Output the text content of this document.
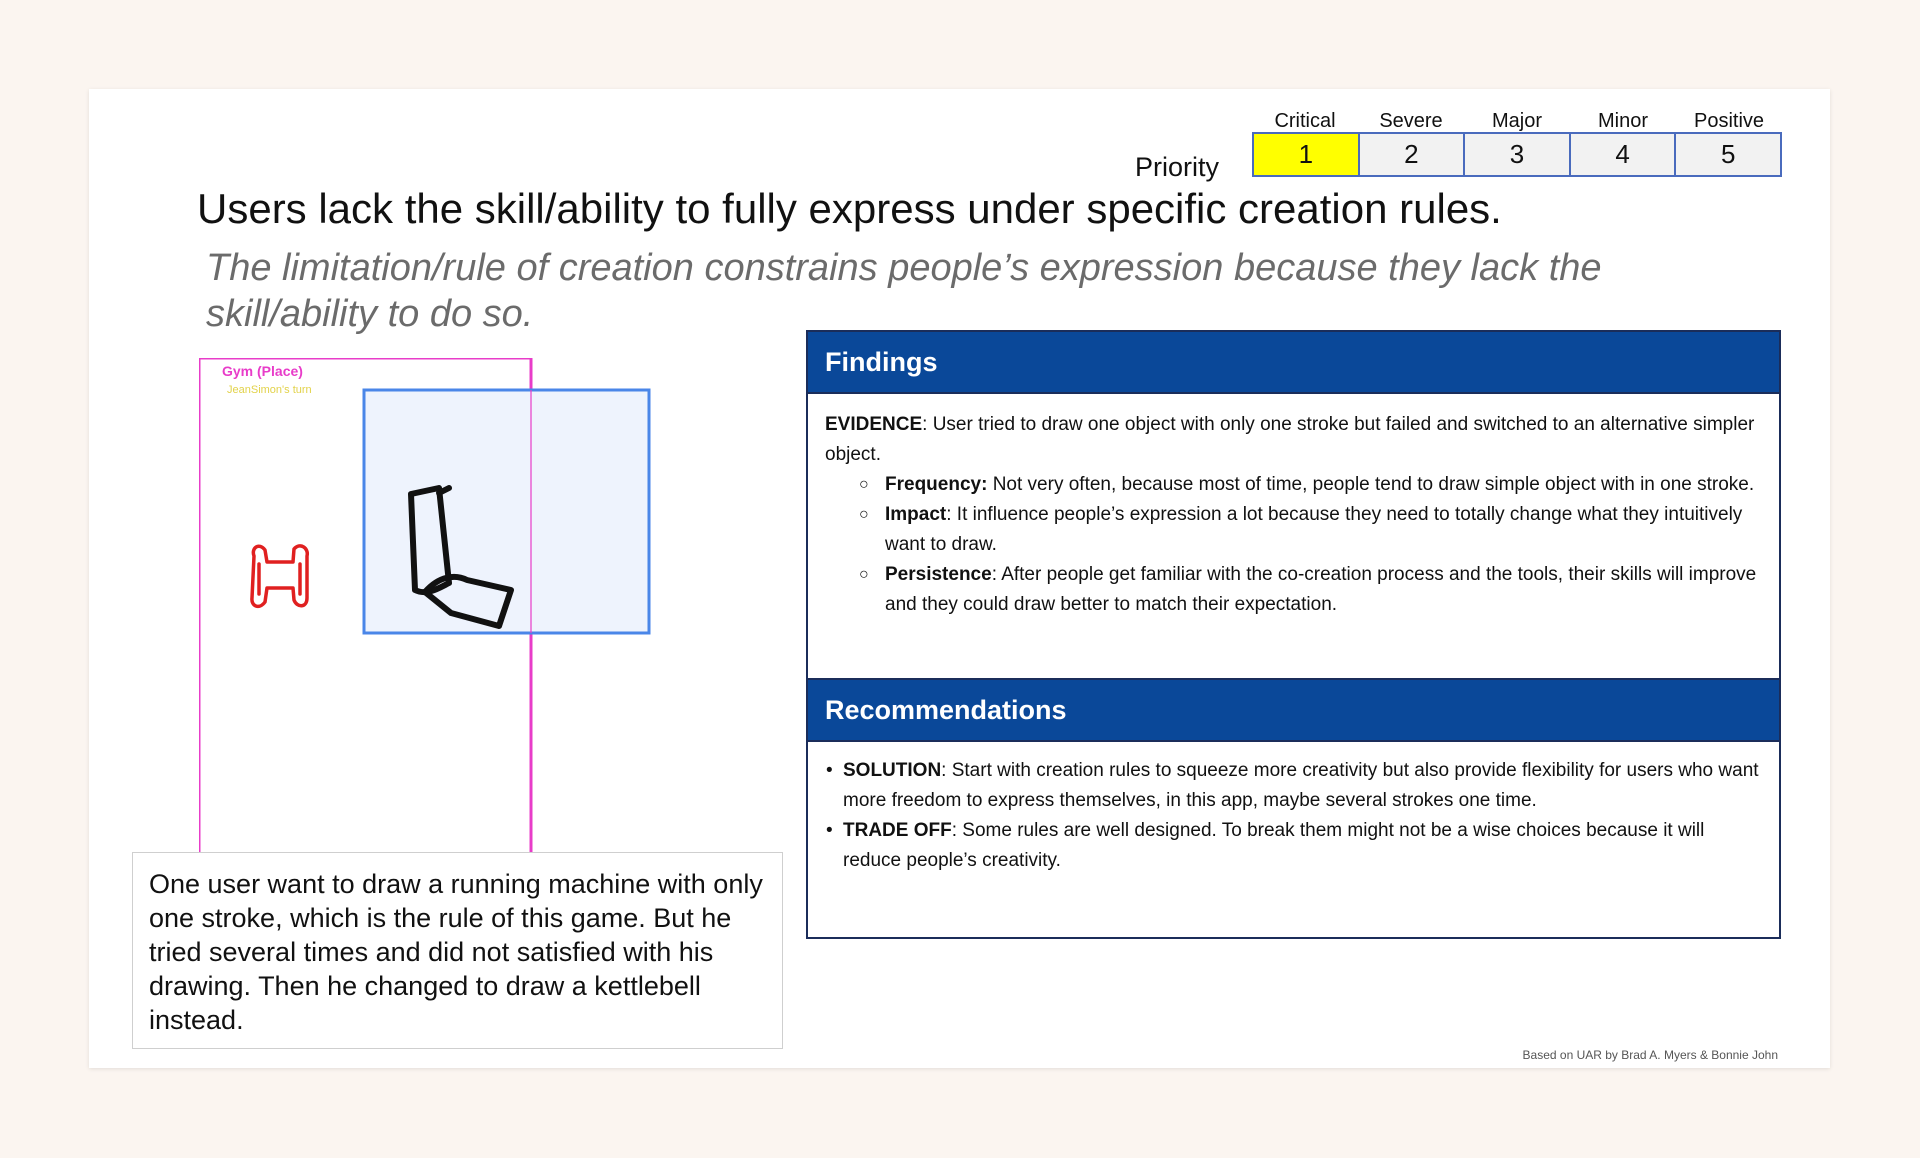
Priority
Critical	Severe	Major	Minor	Positive
1	2	3	4	5
Users lack the skill/ability to fully express under specific creation rules.
The limitation/rule of creation constrains people’s expression because they lack the skill/ability to do so.
Gym (Place)
JeanSimon's turn
One user want to draw a running machine with only one stroke, which is the rule of this game. But he tried several times and did not satisfied with his drawing. Then he changed to draw a kettlebell instead.
Findings
EVIDENCE: User tried to draw one object with only one stroke but failed and switched to an alternative simpler object.
○ Frequency: Not very often, because most of time, people tend to draw simple object with in one stroke.
○ Impact: It influence people’s expression a lot because they need to totally change what they intuitively want to draw.
○ Persistence: After people get familiar with the co-creation process and the tools, their skills will improve and they could draw better to match their expectation.
Recommendations
• SOLUTION: Start with creation rules to squeeze more creativity but also provide flexibility for users who want more freedom to express themselves, in this app, maybe several strokes one time.
• TRADE OFF: Some rules are well designed. To break them might not be a wise choices because it will reduce people’s creativity.
Based on UAR by Brad A. Myers & Bonnie John
